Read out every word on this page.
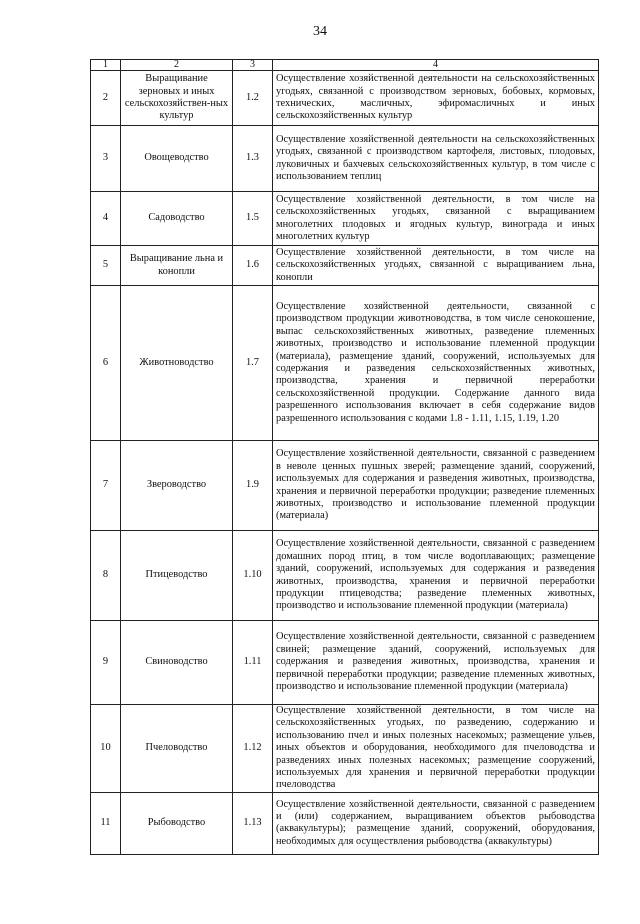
34
1	2	3	4
2	Выращивание зерновых и иных сельскохозяйствен-ных культур	1.2	Осуществление хозяйственной деятельности на сельскохозяйственных угодьях, связанной с производством зерновых, бобовых, кормовых, технических, масличных, эфиромасличных и иных сельскохозяйственных культур
3	Овощеводство	1.3	Осуществление хозяйственной деятельности на сельскохозяйственных угодьях, связанной с производством картофеля, листовых, плодовых, луковичных и бахчевых сельскохозяйственных культур, в том числе с использованием теплиц
4	Садоводство	1.5	Осуществление хозяйственной деятельности, в том числе на сельскохозяйственных угодьях, связанной с выращиванием многолетних плодовых и ягодных культур, винограда и иных многолетних культур
5	Выращивание льна и конопли	1.6	Осуществление хозяйственной деятельности, в том числе на сельскохозяйственных угодьях, связанной с выращиванием льна, конопли
6	Животноводство	1.7	Осуществление хозяйственной деятельности, связанной с производством продукции животноводства, в том числе сенокошение, выпас сельскохозяйственных животных, разведение племенных животных, производство и использование племенной продукции (материала), размещение зданий, сооружений, используемых для содержания и разведения сельскохозяйственных животных, производства, хранения и первичной переработки сельскохозяйственной продукции. Содержание данного вида разрешенного использования включает в себя содержание видов разрешенного использования с кодами 1.8 - 1.11, 1.15, 1.19, 1.20
7	Звероводство	1.9	Осуществление хозяйственной деятельности, связанной с разведением в неволе ценных пушных зверей; размещение зданий, сооружений, используемых для содержания и разведения животных, производства, хранения и первичной переработки продукции; разведение племенных животных, производство и использование племенной продукции (материала)
8	Птицеводство	1.10	Осуществление хозяйственной деятельности, связанной с разведением домашних пород птиц, в том числе водоплавающих; размещение зданий, сооружений, используемых для содержания и разведения животных, производства, хранения и первичной переработки продукции птицеводства; разведение племенных животных, производство и использование племенной продукции (материала)
9	Свиноводство	1.11	Осуществление хозяйственной деятельности, связанной с разведением свиней; размещение зданий, сооружений, используемых для содержания и разведения животных, производства, хранения и первичной переработки продукции; разведение племенных животных, производство и использование племенной продукции (материала)
10	Пчеловодство	1.12	Осуществление хозяйственной деятельности, в том числе на сельскохозяйственных угодьях, по разведению, содержанию и использованию пчел и иных полезных насекомых; размещение ульев, иных объектов и оборудования, необходимого для пчеловодства и разведениях иных полезных насекомых; размещение сооружений, используемых для хранения и первичной переработки продукции пчеловодства
11	Рыбоводство	1.13	Осуществление хозяйственной деятельности, связанной с разведением и (или) содержанием, выращиванием объектов рыбоводства (аквакультуры); размещение зданий, сооружений, оборудования, необходимых для осуществления рыбоводства (аквакультуры)
